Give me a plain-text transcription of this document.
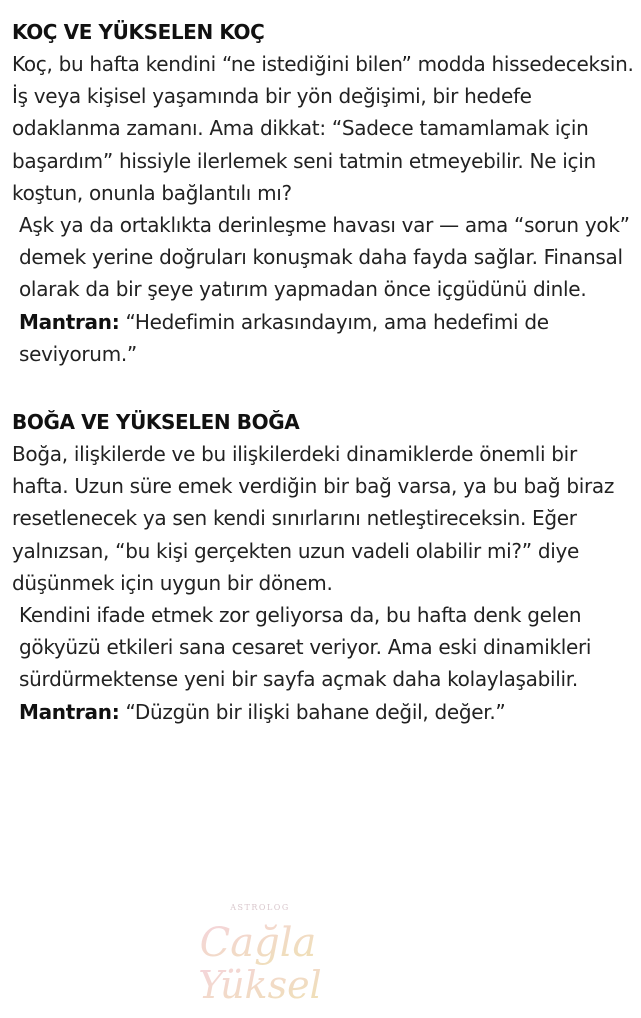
KOÇ VE YÜKSELEN KOÇ

Koç, bu hafta kendini “ne istediğini bilen” modda hissedeceksin. İş veya kişisel yaşamında bir yön değişimi, bir hedefe odaklanma zamanı. Ama dikkat: “Sadece tamamlamak için başardım” hissiyle ilerlemek seni tatmin etmeyebilir. Ne için koştun, onunla bağlantılı mı?

Aşk ya da ortaklıkta derinleşme havası var — ama “sorun yok” demek yerine doğruları konuşmak daha fayda sağlar. Finansal olarak da bir şeye yatırım yapmadan önce içgüdünü dinle.

Mantran: “Hedefimin arkasındayım, ama hedefimi de seviyorum.”

BOĞA VE YÜKSELEN BOĞA

Boğa, ilişkilerde ve bu ilişkilerdeki dinamiklerde önemli bir hafta. Uzun süre emek verdiğin bir bağ varsa, ya bu bağ biraz resetlenecek ya sen kendi sınırlarını netleştireceksin. Eğer yalnızsan, “bu kişi gerçekten uzun vadeli olabilir mi?” diye düşünmek için uygun bir dönem.

Kendini ifade etmek zor geliyorsa da, bu hafta denk gelen gökyüzü etkileri sana cesaret veriyor. Ama eski dinamikleri sürdürmektense yeni bir sayfa açmak daha kolaylaşabilir.

Mantran: “Düzgün bir ilişki bahane değil, değer.”

ASTROLOG
Cağla
Yüksel
